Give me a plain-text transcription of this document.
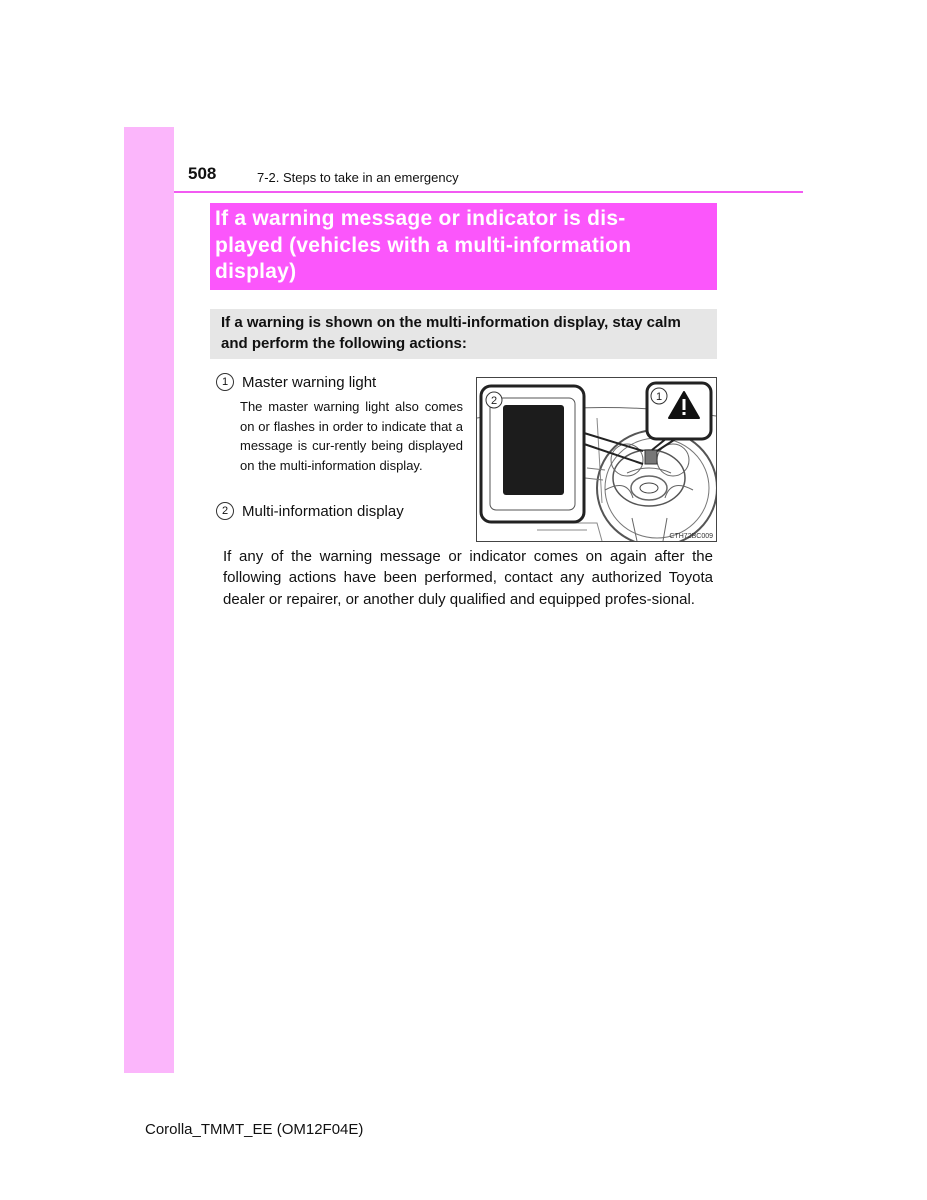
508	7-2. Steps to take in an emergency

If a warning message or indicator is dis-
played (vehicles with a multi-information
display)

If a warning is shown on the multi-information display, stay calm
and perform the following actions:

1 Master warning light

The master warning light also comes on or flashes in order to indicate that a message is cur-rently being displayed on the multi-information display.

2 Multi-information display
2	1
CTH72BC009

If any of the warning message or indicator comes on again after the following actions have been performed, contact any authorized Toyota dealer or repairer, or another duly qualified and equipped profes-sional.

Corolla_TMMT_EE (OM12F04E)
